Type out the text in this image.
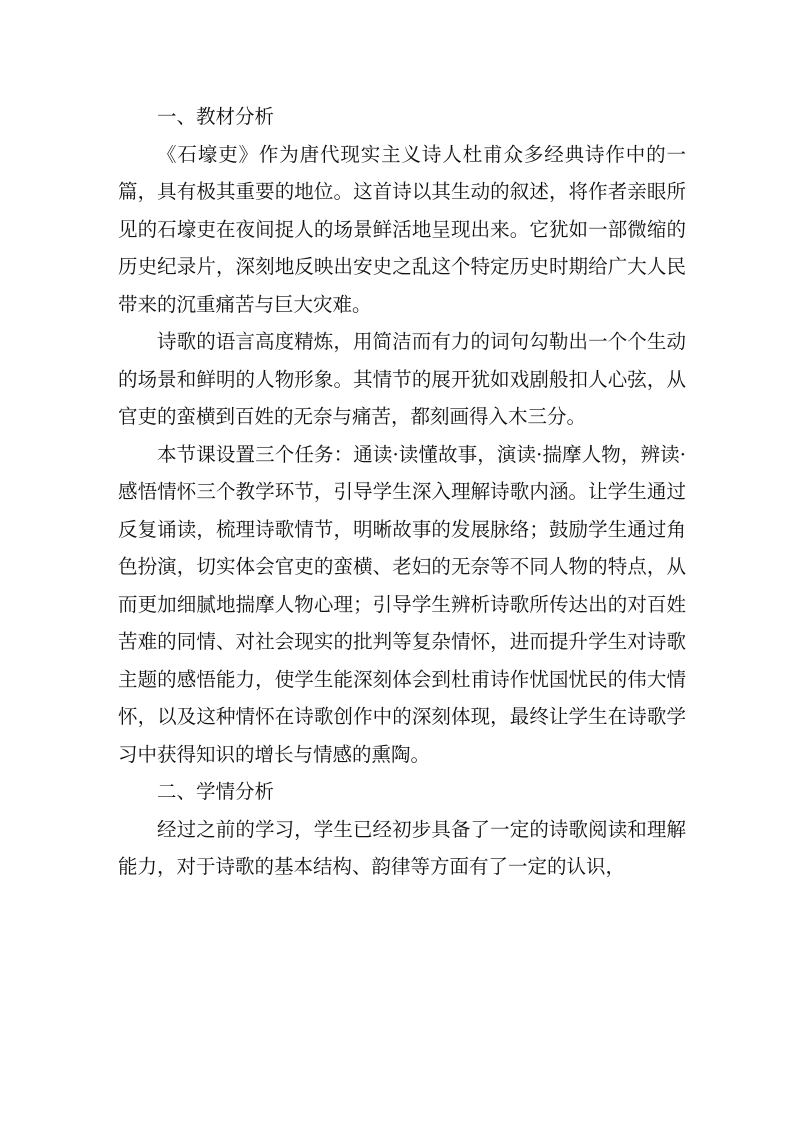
一、教材分析

《石壕吏》作为唐代现实主义诗人杜甫众多经典诗作中的一篇，具有极其重要的地位。这首诗以其生动的叙述，将作者亲眼所见的石壕吏在夜间捉人的场景鲜活地呈现出来。它犹如一部微缩的历史纪录片，深刻地反映出安史之乱这个特定历史时期给广大人民带来的沉重痛苦与巨大灾难。

诗歌的语言高度精炼，用简洁而有力的词句勾勒出一个个生动的场景和鲜明的人物形象。其情节的展开犹如戏剧般扣人心弦，从官吏的蛮横到百姓的无奈与痛苦，都刻画得入木三分。

本节课设置三个任务：通读·读懂故事，演读·揣摩人物，辨读·感悟情怀三个教学环节，引导学生深入理解诗歌内涵。让学生通过反复诵读，梳理诗歌情节，明晰故事的发展脉络；鼓励学生通过角色扮演，切实体会官吏的蛮横、老妇的无奈等不同人物的特点，从而更加细腻地揣摩人物心理；引导学生辨析诗歌所传达出的对百姓苦难的同情、对社会现实的批判等复杂情怀，进而提升学生对诗歌主题的感悟能力，使学生能深刻体会到杜甫诗作忧国忧民的伟大情怀，以及这种情怀在诗歌创作中的深刻体现，最终让学生在诗歌学习中获得知识的增长与情感的熏陶。

二、学情分析

经过之前的学习，学生已经初步具备了一定的诗歌阅读和理解能力，对于诗歌的基本结构、韵律等方面有了一定的认识，
